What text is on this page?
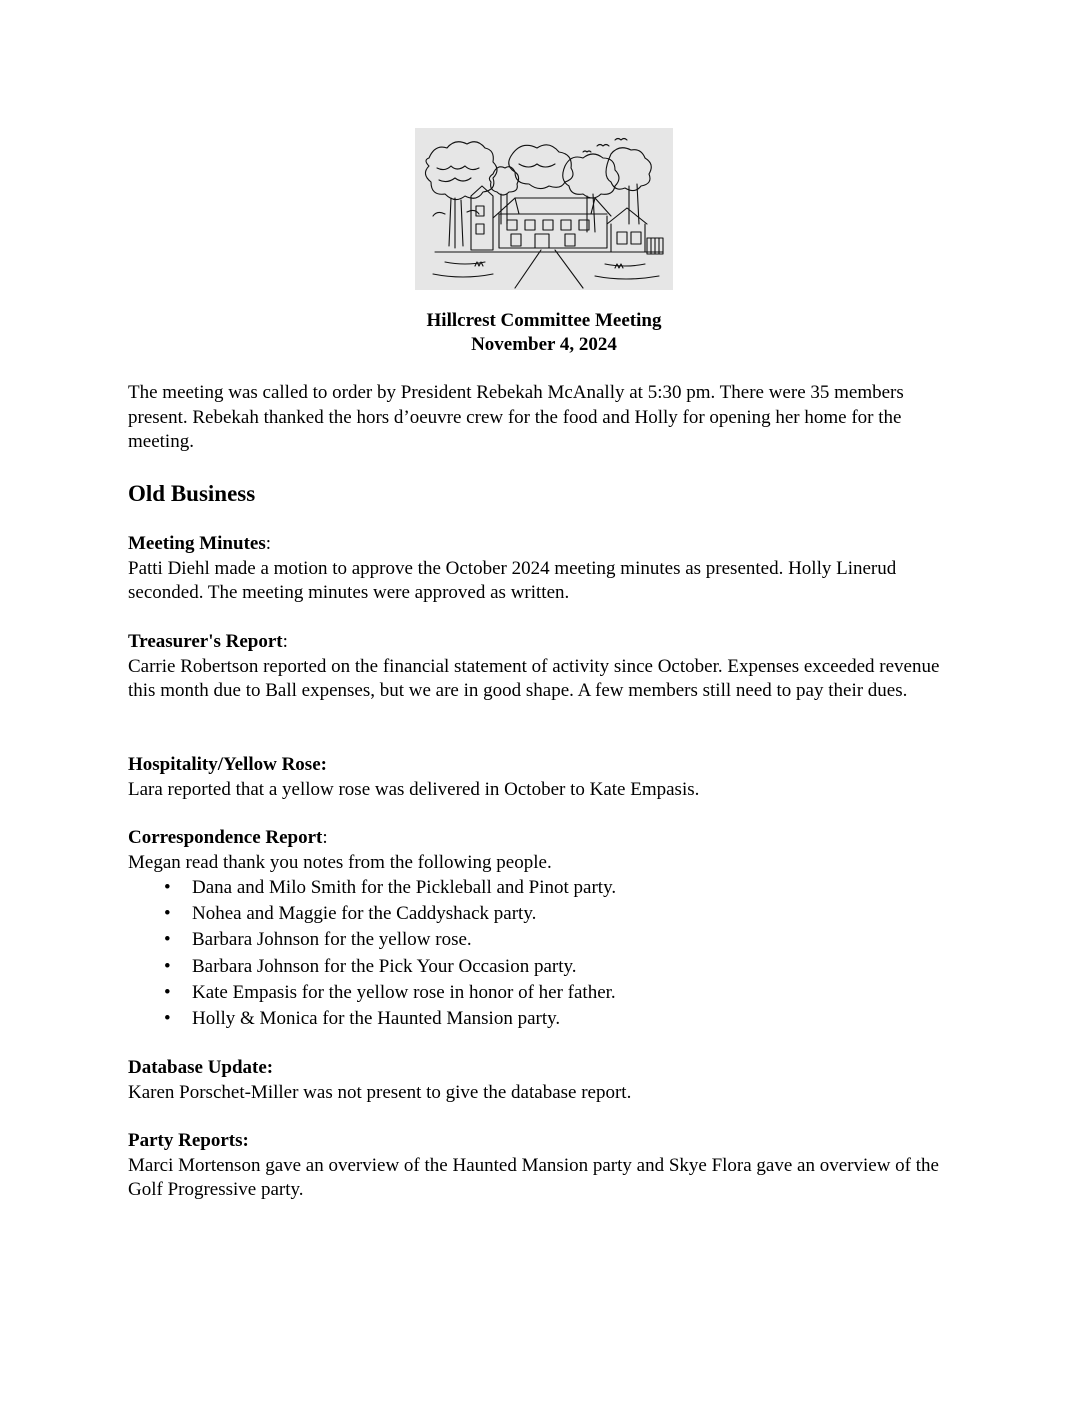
Hillcrest Committee Meeting
November 4, 2024

The meeting was called to order by President Rebekah McAnally at 5:30 pm. There were 35 members present. Rebekah thanked the hors d’oeuvre crew for the food and Holly for opening her home for the meeting.

Old Business

Meeting Minutes:

Patti Diehl made a motion to approve the October 2024 meeting minutes as presented. Holly Linerud seconded. The meeting minutes were approved as written.

Treasurer's Report:

Carrie Robertson reported on the financial statement of activity since October. Expenses exceeded revenue this month due to Ball expenses, but we are in good shape. A few members still need to pay their dues.

Hospitality/Yellow Rose:

Lara reported that a yellow rose was delivered in October to Kate Empasis.

Correspondence Report:

Megan read thank you notes from the following people.

• Dana and Milo Smith for the Pickleball and Pinot party.
• Nohea and Maggie for the Caddyshack party.
• Barbara Johnson for the yellow rose.
• Barbara Johnson for the Pick Your Occasion party.
• Kate Empasis for the yellow rose in honor of her father.
• Holly & Monica for the Haunted Mansion party.

Database Update:

Karen Porschet-Miller was not present to give the database report.

Party Reports:

Marci Mortenson gave an overview of the Haunted Mansion party and Skye Flora gave an overview of the Golf Progressive party.
